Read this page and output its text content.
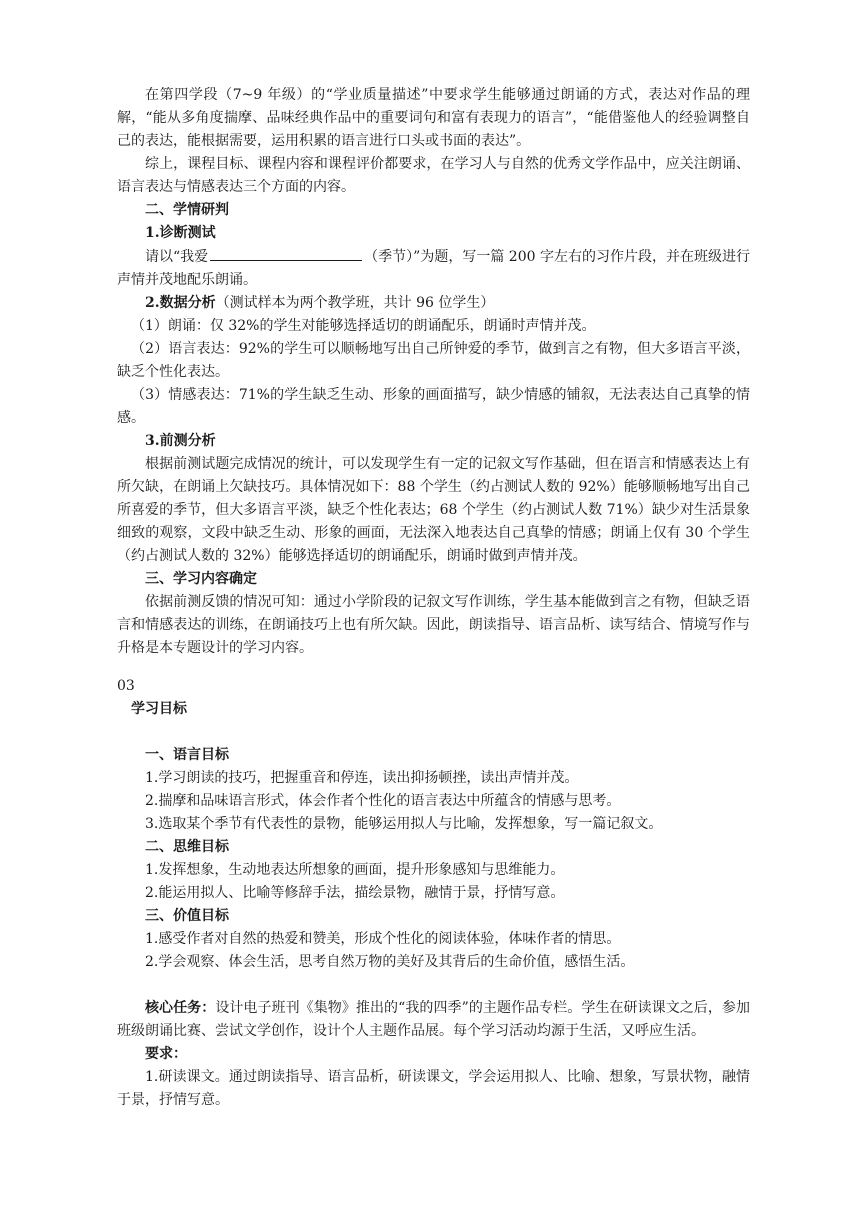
在第四学段（7~9 年级）的“学业质量描述”中要求学生能够通过朗诵的方式，表达对作品的理解，“能从多角度揣摩、品味经典作品中的重要词句和富有表现力的语言”，“能借鉴他人的经验调整自己的表达，能根据需要，运用积累的语言进行口头或书面的表达”。

综上，课程目标、课程内容和课程评价都要求，在学习人与自然的优秀文学作品中，应关注朗诵、语言表达与情感表达三个方面的内容。

二、学情研判

1.诊断测试

请以“我爱	（季节）”为题，写一篇 200 字左右的习作片段，并在班级进行声情并茂地配乐朗诵。

2.数据分析（测试样本为两个教学班，共计 96 位学生）

（1）朗诵：仅 32%的学生对能够选择适切的朗诵配乐，朗诵时声情并茂。

（2）语言表达：92%的学生可以顺畅地写出自己所钟爱的季节，做到言之有物，但大多语言平淡，缺乏个性化表达。

（3）情感表达：71%的学生缺乏生动、形象的画面描写，缺少情感的铺叙，无法表达自己真挚的情感。

3.前测分析

根据前测试题完成情况的统计，可以发现学生有一定的记叙文写作基础，但在语言和情感表达上有所欠缺，在朗诵上欠缺技巧。具体情况如下：88 个学生（约占测试人数的 92%）能够顺畅地写出自己所喜爱的季节，但大多语言平淡，缺乏个性化表达；68 个学生（约占测试人数 71%）缺少对生活景象细致的观察，文段中缺乏生动、形象的画面，无法深入地表达自己真挚的情感；朗诵上仅有 30 个学生（约占测试人数的 32%）能够选择适切的朗诵配乐，朗诵时做到声情并茂。

三、学习内容确定

依据前测反馈的情况可知：通过小学阶段的记叙文写作训练，学生基本能做到言之有物，但缺乏语言和情感表达的训练，在朗诵技巧上也有所欠缺。因此，朗读指导、语言品析、读写结合、情境写作与升格是本专题设计的学习内容。

03

学习目标

一、语言目标

1.学习朗读的技巧，把握重音和停连，读出抑扬顿挫，读出声情并茂。

2.揣摩和品味语言形式，体会作者个性化的语言表达中所蕴含的情感与思考。

3.选取某个季节有代表性的景物，能够运用拟人与比喻，发挥想象，写一篇记叙文。

二、思维目标

1.发挥想象，生动地表达所想象的画面，提升形象感知与思维能力。

2.能运用拟人、比喻等修辞手法，描绘景物，融情于景，抒情写意。

三、价值目标

1.感受作者对自然的热爱和赞美，形成个性化的阅读体验，体味作者的情思。

2.学会观察、体会生活，思考自然万物的美好及其背后的生命价值，感悟生活。

核心任务：设计电子班刊《集物》推出的“我的四季”的主题作品专栏。学生在研读课文之后，参加班级朗诵比赛、尝试文学创作，设计个人主题作品展。每个学习活动均源于生活，又呼应生活。

要求：

1.研读课文。通过朗读指导、语言品析，研读课文，学会运用拟人、比喻、想象，写景状物，融情于景，抒情写意。
